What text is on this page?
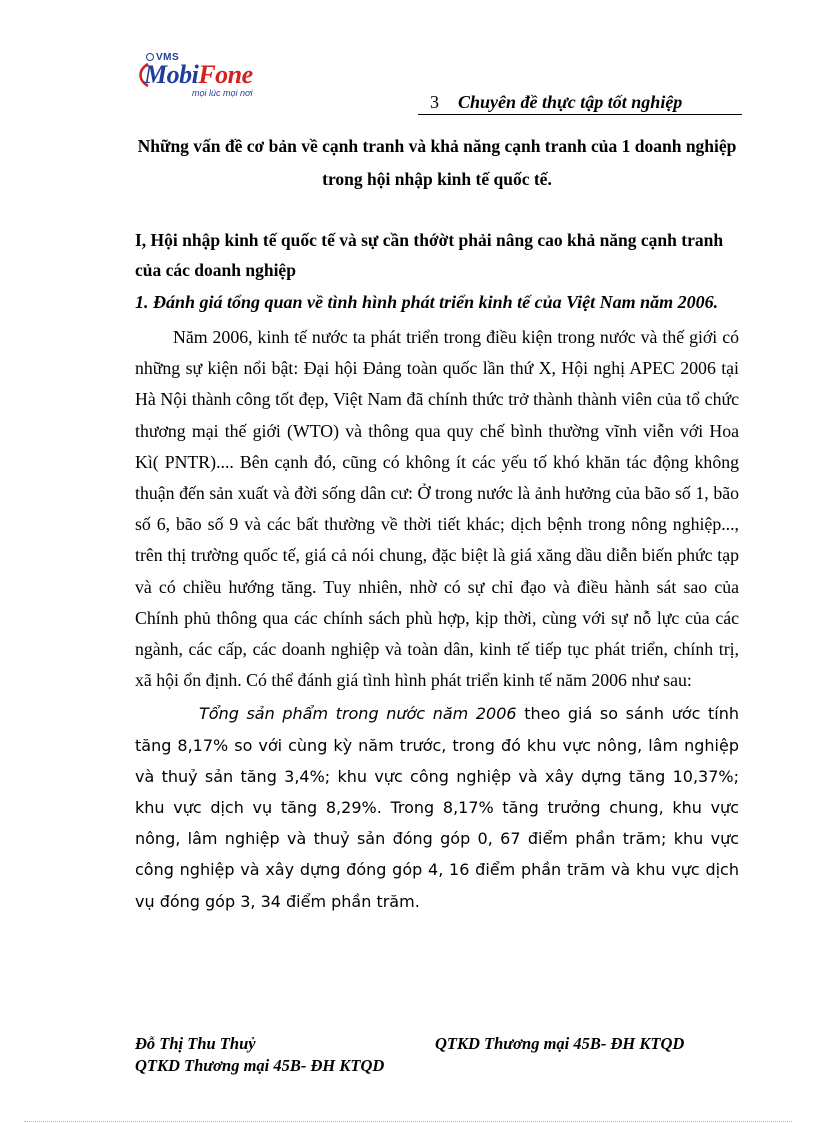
VMS
MobiFone
mọi lúc mọi nơi	3 Chuyên đề thực tập tốt nghiệp

Những vấn đề cơ bản về cạnh tranh và khả năng cạnh tranh của 1 doanh nghiệp trong hội nhập kinh tế quốc tế.

I, Hội nhập kinh tế quốc tế và sự cần thớờt phải nâng cao khả năng cạnh tranh của các doanh nghiệp

1. Đánh giá tổng quan về tình hình phát triển kinh tế của Việt Nam năm 2006.

Năm 2006, kinh tế nước ta phát triển trong điều kiện trong nước và thế giới có những sự kiện nổi bật: Đại hội Đảng toàn quốc lần thứ X, Hội nghị APEC 2006 tại Hà Nội thành công tốt đẹp, Việt Nam đã chính thức trở thành thành viên của tổ chức thương mại thế giới (WTO) và thông qua quy chế bình thường vĩnh viễn với Hoa Kì( PNTR).... Bên cạnh đó, cũng có không ít các yếu tố khó khăn tác động không thuận đến sản xuất và đời sống dân cư: Ở trong nước là ảnh hưởng của bão số 1, bão số 6, bão số 9 và các bất thường về thời tiết khác; dịch bệnh trong nông nghiệp..., trên thị trường quốc tế, giá cả nói chung, đặc biệt là giá xăng dầu diễn biến phức tạp và có chiều hướng tăng. Tuy nhiên, nhờ có sự chỉ đạo và điều hành sát sao của Chính phủ thông qua các chính sách phù hợp, kịp thời, cùng với sự nỗ lực của các ngành, các cấp, các doanh nghiệp và toàn dân, kinh tế tiếp tục phát triển, chính trị, xã hội ổn định. Có thể đánh giá tình hình phát triển kinh tế năm 2006 như sau:

Tổng sản phẩm trong nước năm 2006 theo giá so sánh ước tính tăng 8,17% so với cùng kỳ năm trước, trong đó khu vực nông, lâm nghiệp và thuỷ sản tăng 3,4%; khu vực công nghiệp và xây dựng tăng 10,37%; khu vực dịch vụ tăng 8,29%. Trong 8,17% tăng trưởng chung, khu vực nông, lâm nghiệp và thuỷ sản đóng góp 0, 67 điểm phần trăm; khu vực công nghiệp và xây dựng đóng góp 4, 16 điểm phần trăm và khu vực dịch vụ đóng góp 3, 34 điểm phần trăm.

Đỗ Thị Thu Thuỷ	QTKD Thương mại 45B- ĐH KTQD
QTKD Thương mại 45B- ĐH KTQD
